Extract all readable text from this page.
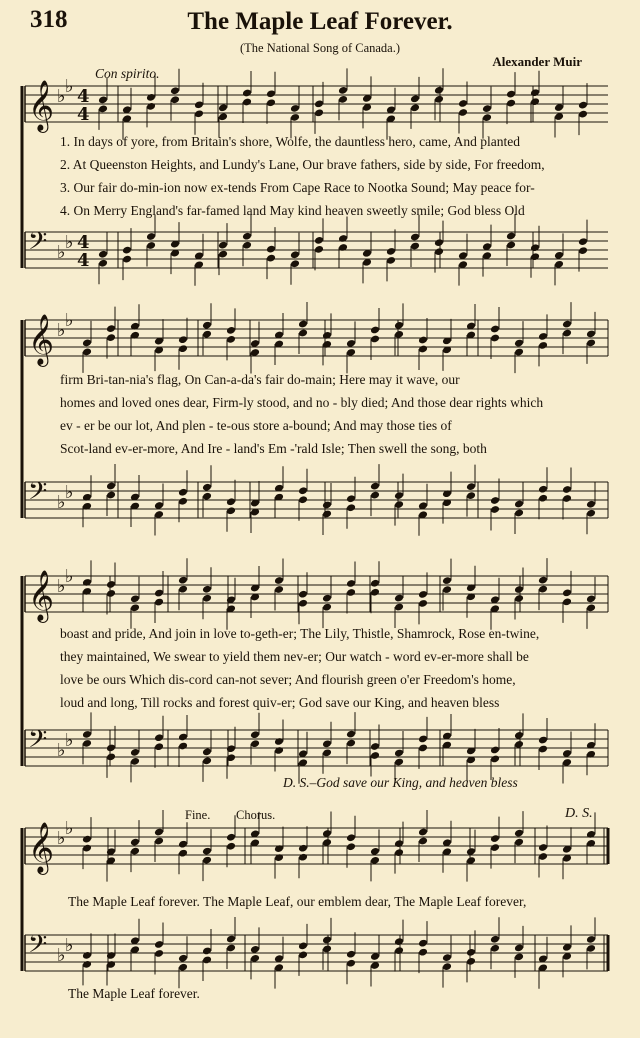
318	The Maple Leaf Forever.
(The National Song of Canada.)
Alexander Muir
Con spirito.
𝄞 ♭ ♭ 4
4
𝄢 ♭ ♭ 4
4
𝄞 ♭ ♭
𝄢 ♭ ♭
𝄞 ♭ ♭
𝄢 ♭ ♭
𝄞 ♭ ♭
𝄢 ♭ ♭
1. In days of yore, from Britain's shore, Wolfe, the dauntless hero, came, And planted
2. At Queenston Heights, and Lundy's Lane, Our brave fathers, side by side, For freedom,
3. Our fair do-min-ion now ex-tends From Cape Race to Nootka Sound; May peace for-
4. On Merry England's far-famed land May kind heaven sweetly smile; God bless Old
firm Bri-tan-nia's flag, On Can-a-da's fair do-main; Here may it wave, our
homes and loved ones dear, Firm-ly stood, and no - bly died; And those dear rights which
ev - er be our lot, And plen - te-ous store a-bound; And may those ties of
Scot-land ev-er-more, And Ire - land's Em -'rald Isle; Then swell the song, both
boast and pride, And join in love to-geth-er; The Lily, Thistle, Shamrock, Rose en-twine,
they maintained, We swear to yield them nev-er; Our watch - word ev-er-more shall be
love be ours Which dis-cord can-not sever; And flourish green o'er Freedom's home,
loud and long, Till rocks and forest quiv-er; God save our King, and heaven bless
D. S.–God save our King, and heaven bless
Fine. Chorus.	D. S.
The Maple Leaf forever. The Maple Leaf, our emblem dear, The Maple Leaf forever,
The Maple Leaf forever.
